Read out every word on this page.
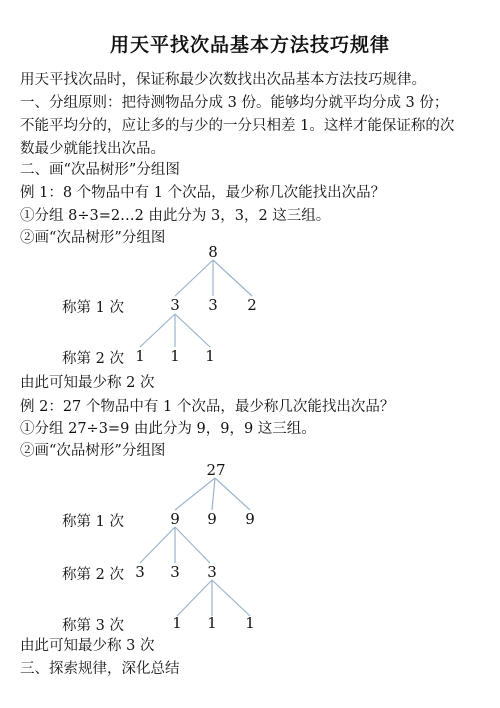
用天平找次品基本方法技巧规律
用天平找次品时，保证称最少次数找出次品基本方法技巧规律。
一、分组原则：把待测物品分成 3 份。能够均分就平均分成 3 份；
不能平均分的，应让多的与少的一分只相差 1。这样才能保证称的次
数最少就能找出次品。
二、画“次品树形”分组图
例 1：8 个物品中有 1 个次品，最少称几次能找出次品？
①分组 8÷3=2…2 由此分为 3，3，2 这三组。
②画“次品树形”分组图
8
称第 1 次	3	3	2
称第 2 次 1	1	1
由此可知最少称 2 次
例 2：27 个物品中有 1 个次品，最少称几次能找出次品？
①分组 27÷3=9 由此分为 9，9，9 这三组。
②画“次品树形”分组图
27
称第 1 次	9	9	9
称第 2 次 3	3	3
称第 3 次	1	1	1
由此可知最少称 3 次
三、探索规律，深化总结
